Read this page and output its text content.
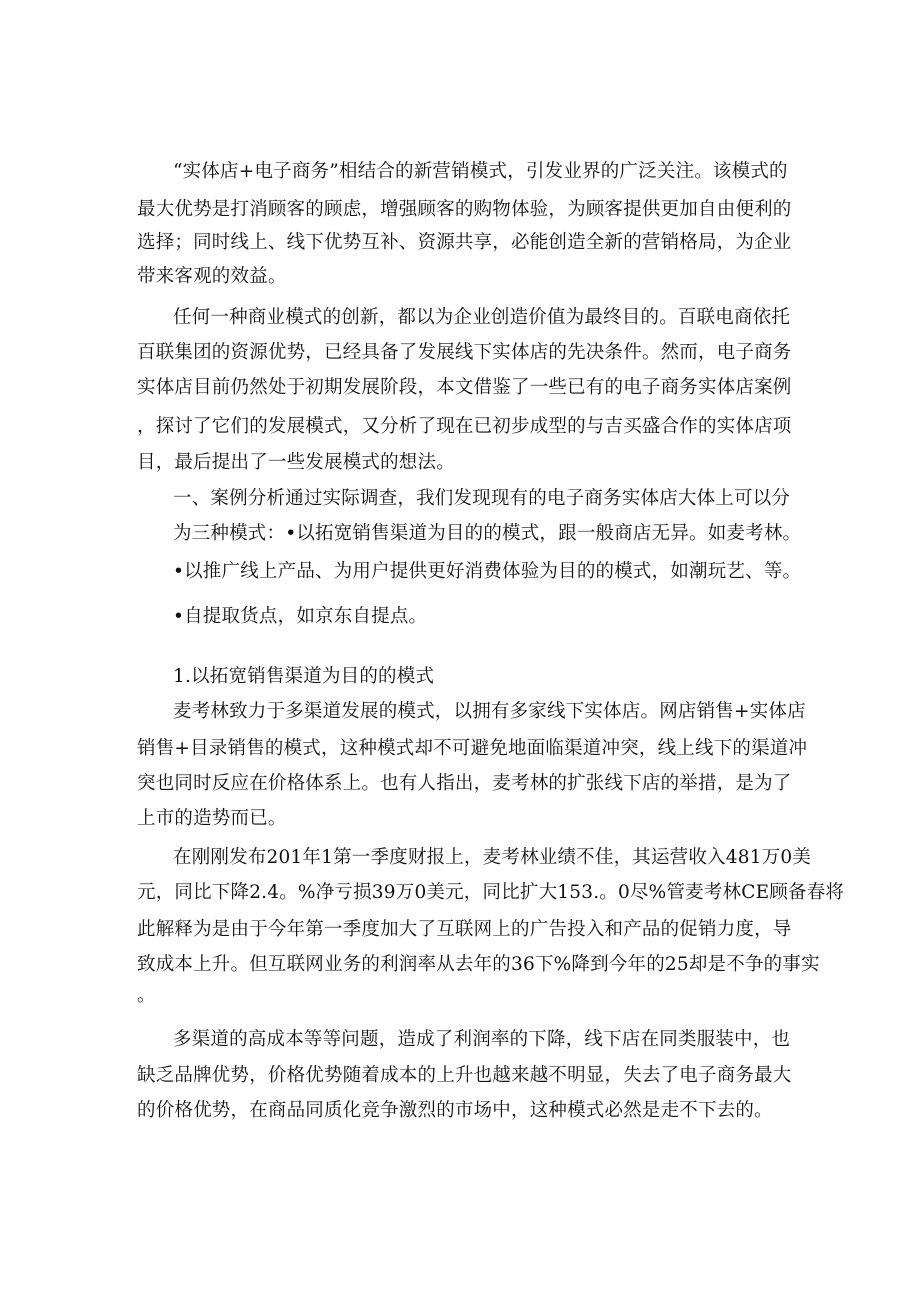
“实体店+电子商务”相结合的新营销模式，引发业界的广泛关注。该模式的
最大优势是打消顾客的顾虑，增强顾客的购物体验，为顾客提供更加自由便利的
选择；同时线上、线下优势互补、资源共享，必能创造全新的营销格局，为企业
带来客观的效益。
任何一种商业模式的创新，都以为企业创造价值为最终目的。百联电商依托
百联集团的资源优势，已经具备了发展线下实体店的先决条件。然而，电子商务
实体店目前仍然处于初期发展阶段，本文借鉴了一些已有的电子商务实体店案例
，探讨了它们的发展模式，又分析了现在已初步成型的与吉买盛合作的实体店项
目，最后提出了一些发展模式的想法。
一、案例分析通过实际调查，我们发现现有的电子商务实体店大体上可以分
为三种模式：•以拓宽销售渠道为目的的模式，跟一般商店无异。如麦考林。
•以推广线上产品、为用户提供更好消费体验为目的的模式，如潮玩艺、等。
•自提取货点，如京东自提点。
1.以拓宽销售渠道为目的的模式
麦考林致力于多渠道发展的模式，以拥有多家线下实体店。网店销售+实体店
销售+目录销售的模式，这种模式却不可避免地面临渠道冲突，线上线下的渠道冲
突也同时反应在价格体系上。也有人指出，麦考林的扩张线下店的举措，是为了
上市的造势而已。
在刚刚发布201年1第一季度财报上，麦考林业绩不佳，其运营收入481万0美
元，同比下降2.4。%净亏损39万0美元，同比扩大153.。0尽%管麦考林CE顾备春将
此解释为是由于今年第一季度加大了互联网上的广告投入和产品的促销力度，导
致成本上升。但互联网业务的利润率从去年的36下%降到今年的25却是不争的事实
。
多渠道的高成本等等问题，造成了利润率的下降，线下店在同类服装中，也
缺乏品牌优势，价格优势随着成本的上升也越来越不明显，失去了电子商务最大
的价格优势，在商品同质化竞争激烈的市场中，这种模式必然是走不下去的。
